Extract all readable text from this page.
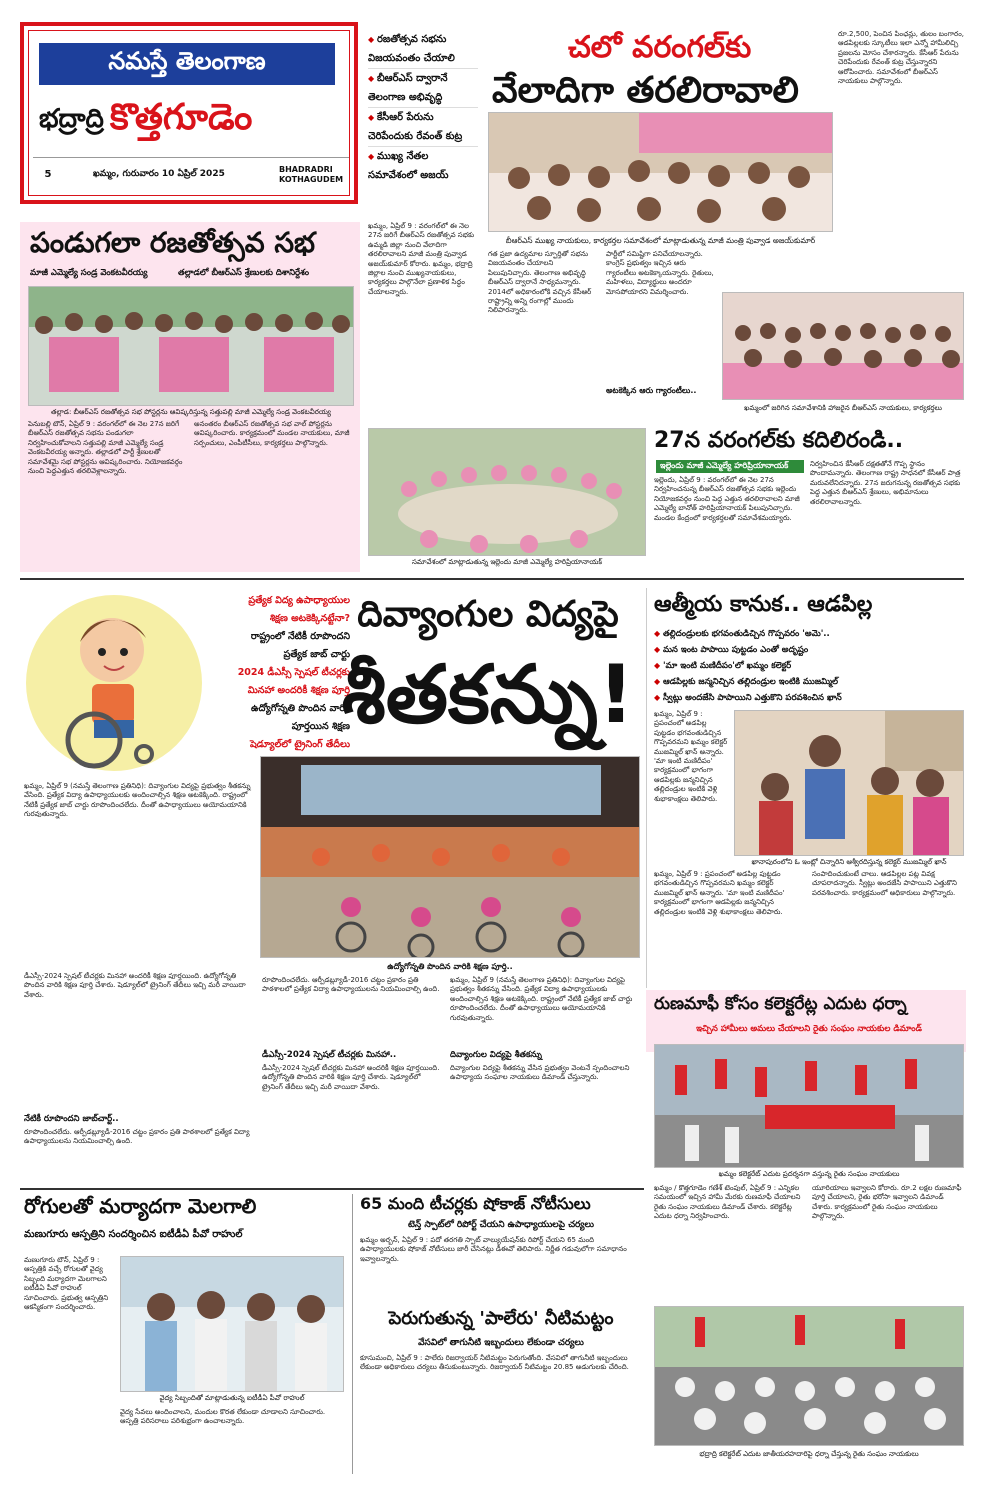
నమస్తే తెలంగాణ
భద్రాద్రి కొత్తగూడెం
5	ఖమ్మం, గురువారం 10 ఏప్రిల్ 2025	BHADRADRI KOTHAGUDEM
◆ రజతోత్సవ సభను విజయవంతం చేయాలి
◆ బీఆర్ఎస్ ద్వారానే తెలంగాణ అభివృద్ధి
◆ కేసీఆర్ పేరును చెరిపేందుకు రేవంత్ కుట్ర
◆ ముఖ్య నేతల సమావేశంలో అజయ్
చలో వరంగల్‌కు
వేలాదిగా తరలిరావాలి
బీఆర్ఎస్ ముఖ్య నాయకులు, కార్యకర్తల సమావేశంలో మాట్లాడుతున్న మాజీ మంత్రి పువ్వాడ అజయ్‌కుమార్
ఖమ్మం, ఏప్రిల్ 9 : వరంగల్‌లో ఈ నెల 27న జరిగే బీఆర్ఎస్ రజతోత్సవ సభకు ఉమ్మడి జిల్లా నుంచి వేలాదిగా తరలిరావాలని మాజీ మంత్రి పువ్వాడ అజయ్‌కుమార్ కోరారు. ఖమ్మం, భద్రాద్రి జిల్లాల నుంచి ముఖ్యనాయకులు, కార్యకర్తలు పాల్గొనేలా ప్రణాళిక సిద్ధం చేయాలన్నారు.
గత ప్రజా ఉద్యమాల స్ఫూర్తితో సభను విజయవంతం చేయాలని పిలుపునిచ్చారు. తెలంగాణ అభివృద్ధి బీఆర్ఎస్ ద్వారానే సాధ్యమన్నారు. 2014లో అధికారంలోకి వచ్చిన కేసీఆర్ రాష్ట్రాన్ని అన్ని రంగాల్లో ముందు నిలిపారన్నారు.
పార్టీలో సమిష్టిగా పనిచేయాలన్నారు. కాంగ్రెస్ ప్రభుత్వం ఇచ్చిన ఆరు గ్యారంటీలు అటకెక్కాయన్నారు. రైతులు, మహిళలు, విద్యార్థులు అందరూ మోసపోయారని విమర్శించారు.
అటకెక్కిన ఆరు గ్యారంటీలు..
రూ.2,500, పెంచిన పింఛన్లు, తులం బంగారం, ఆడపిల్లలకు స్కూటీలు ఇలా ఎన్నో హామీలిచ్చి ప్రజలను మోసం చేశారన్నారు. కేసీఆర్ పేరును చెరిపేందుకు రేవంత్ కుట్ర చేస్తున్నారని ఆరోపించారు. సమావేశంలో బీఆర్ఎస్ నాయకులు పాల్గొన్నారు.
ఖమ్మంలో జరిగిన సమావేశానికి హాజరైన బీఆర్ఎస్ నాయకులు, కార్యకర్తలు
పండుగలా రజతోత్సవ సభ
మాజీ ఎమ్మెల్యే సండ్ర వెంకటవీరయ్య	తల్లాడలో బీఆర్ఎస్ శ్రేణులకు దిశానిర్దేశం
తల్లాడ: బీఆర్ఎస్ రజతోత్సవ సభ పోస్టర్లను ఆవిష్కరిస్తున్న సత్తుపల్లి మాజీ ఎమ్మెల్యే సండ్ర వెంకటవీరయ్య
పెనుబల్లి టౌన్, ఏప్రిల్ 9 : వరంగల్‌లో ఈ నెల 27న జరిగే బీఆర్ఎస్ రజతోత్సవ సభను పండుగలా నిర్వహించుకోవాలని సత్తుపల్లి మాజీ ఎమ్మెల్యే సండ్ర వెంకటవీరయ్య అన్నారు. తల్లాడలో పార్టీ శ్రేణులతో సమావేశమై సభ పోస్టర్లను ఆవిష్కరించారు. నియోజకవర్గం నుంచి పెద్దఎత్తున తరలివెళ్లాలన్నారు.
అనంతరం బీఆర్ఎస్ రజతోత్సవ సభ వాల్ పోస్టర్లను ఆవిష్కరించారు. కార్యక్రమంలో మండల నాయకులు, మాజీ సర్పంచులు, ఎంపీటీసీలు, కార్యకర్తలు పాల్గొన్నారు.
సమావేశంలో మాట్లాడుతున్న ఇల్లెందు మాజీ ఎమ్మెల్యే హరిప్రియానాయక్
27న వరంగల్‌కు కదిలిరండి..
ఇల్లెందు మాజీ ఎమ్మెల్యే హరిప్రియానాయక్
ఇల్లెందు, ఏప్రిల్ 9 : వరంగల్‌లో ఈ నెల 27న నిర్వహించనున్న బీఆర్ఎస్ రజతోత్సవ సభకు ఇల్లెందు నియోజకవర్గం నుంచి పెద్ద ఎత్తున తరలిరావాలని మాజీ ఎమ్మెల్యే బానోత్ హరిప్రియానాయక్ పిలుపునిచ్చారు. మండల కేంద్రంలో కార్యకర్తలతో సమావేశమయ్యారు.
నిర్వహించిన కేసీఆర్ దక్షతతోనే గొప్ప స్థానం పొందామన్నారు. తెలంగాణ రాష్ట్ర సాధనలో కేసీఆర్ పాత్ర మరువలేనిదన్నారు. 27న జరుగనున్న రజతోత్సవ సభకు పెద్ద ఎత్తున బీఆర్ఎస్ శ్రేణులు, అభిమానులు తరలిరావాలన్నారు.
ప్రత్యేక విద్య ఉపాధ్యాయుల
శిక్షణ అటకెక్కినట్టేనా?
రాష్ట్రంలో నేటికీ రూపొందని
ప్రత్యేక జాబ్ చార్టు
2024 డీఎస్సీ స్పెషల్ టీచర్లకు
మినహా అందరికీ శిక్షణ పూర్తి
ఉద్యోగోన్నతి పొందిన వారికీ
పూర్తయిన శిక్షణ
షెడ్యూల్‌లో ట్రైనింగ్ తేదీలు
దివ్యాంగుల విద్యపై
శీతకన్ను!
ఉద్యోగోన్నతి పొందిన వారికి శిక్షణ పూర్తి..
ఖమ్మం, ఏప్రిల్ 9 (నమస్తే తెలంగాణ ప్రతినిధి): దివ్యాంగుల విద్యపై ప్రభుత్వం శీతకన్ను వేసింది. ప్రత్యేక విద్యా ఉపాధ్యాయులకు అందించాల్సిన శిక్షణ అటకెక్కింది. రాష్ట్రంలో నేటికీ ప్రత్యేక జాబ్ చార్టు రూపొందించలేదు. దీంతో ఉపాధ్యాయులు అయోమయానికి గురవుతున్నారు.
నేటికీ రూపొందని జాబ్‌చార్ట్..
రూపొందించలేదు. ఆర్పీడబ్ల్యూడీ-2016 చట్టం ప్రకారం ప్రతి పాఠశాలలో ప్రత్యేక విద్యా ఉపాధ్యాయులను నియమించాల్సి ఉంది.
డీఎస్సీ-2024 స్పెషల్ టీచర్లకు మినహా అందరికీ శిక్షణ పూర్తయింది. ఉద్యోగోన్నతి పొందిన వారికి శిక్షణ పూర్తి చేశారు. షెడ్యూల్‌లో ట్రైనింగ్ తేదీలు ఇచ్చి మరీ వాయిదా వేశారు.
రూపొందించలేదు. ఆర్పీడబ్ల్యూడీ-2016 చట్టం ప్రకారం ప్రతి పాఠశాలలో ప్రత్యేక విద్యా ఉపాధ్యాయులను నియమించాల్సి ఉంది.
డీఎస్సీ-2024 స్పెషల్ టీచర్లకు మినహా..
డీఎస్సీ-2024 స్పెషల్ టీచర్లకు మినహా అందరికీ శిక్షణ పూర్తయింది. ఉద్యోగోన్నతి పొందిన వారికి శిక్షణ పూర్తి చేశారు. షెడ్యూల్‌లో ట్రైనింగ్ తేదీలు ఇచ్చి మరీ వాయిదా వేశారు.
దివ్యాంగుల విద్యపై శీతకన్ను
దివ్యాంగుల విద్యపై శీతకన్ను వేసిన ప్రభుత్వం వెంటనే స్పందించాలని ఉపాధ్యాయ సంఘాల నాయకులు డిమాండ్ చేస్తున్నారు.
ఖమ్మం, ఏప్రిల్ 9 (నమస్తే తెలంగాణ ప్రతినిధి): దివ్యాంగుల విద్యపై ప్రభుత్వం శీతకన్ను వేసింది. ప్రత్యేక విద్యా ఉపాధ్యాయులకు అందించాల్సిన శిక్షణ అటకెక్కింది. రాష్ట్రంలో నేటికీ ప్రత్యేక జాబ్ చార్టు రూపొందించలేదు. దీంతో ఉపాధ్యాయులు అయోమయానికి గురవుతున్నారు.
ఆత్మీయ కానుక.. ఆడపిల్ల
◆ తల్లిదండ్రులకు భగవంతుడిచ్చిన గొప్పవరం 'అమె'..
◆ మన ఇంట పాపాయి పుట్టడం ఎంతో అదృష్టం
◆ 'మా ఇంటి మణిదీపం'లో ఖమ్మం కలెక్టర్
◆ ఆడపిల్లకు జన్మనిచ్చిన తల్లిదండ్రుల ఇంటికి ముజమ్మిల్
◆ స్వీట్లు అందజేసి పాపాయిని ఎత్తుకొని పరవశించిన ఖాన్
ఖమ్మం, ఏప్రిల్ 9 : ప్రపంచంలో అడపిల్ల పుట్టడం భగవంతుడిచ్చిన గొప్పవరమని ఖమ్మం కలెక్టర్ ముజమ్మిల్ ఖాన్ అన్నారు. 'మా ఇంటి మణిదీపం' కార్యక్రమంలో భాగంగా ఆడపిల్లకు జన్మనిచ్చిన తల్లిదండ్రుల ఇంటికి వెళ్లి శుభాకాంక్షలు తెలిపారు.
ఖానాపురంలోని ఓ ఇంట్లో చిన్నారిని ఆశ్వీరదిస్తున్న కలెక్టర్ ముజమ్మిల్ ఖాన్
ఖమ్మం, ఏప్రిల్ 9 : ప్రపంచంలో అడపిల్ల పుట్టడం భగవంతుడిచ్చిన గొప్పవరమని ఖమ్మం కలెక్టర్ ముజమ్మిల్ ఖాన్ అన్నారు. 'మా ఇంటి మణిదీపం' కార్యక్రమంలో భాగంగా ఆడపిల్లకు జన్మనిచ్చిన తల్లిదండ్రుల ఇంటికి వెళ్లి శుభాకాంక్షలు తెలిపారు.
సంపాదించుకుంటే చాలు. ఆడపిల్లల పట్ల వివక్ష చూపరాదన్నారు. స్వీట్లు అందజేసి పాపాయిని ఎత్తుకొని పరవశించారు. కార్యక్రమంలో అధికారులు పాల్గొన్నారు.
రుణమాఫీ కోసం కలెక్టరేట్ల ఎదుట ధర్నా
ఇచ్చిన హామీలు అమలు చేయాలని రైతు సంఘం నాయకుల డిమాండ్
ఖమ్మం కలెక్టరేట్ ఎదుట ప్రదర్శనగా వస్తున్న రైతు సంఘం నాయకులు
ఖమ్మం / కొత్తగూడెం గణేశ్ టెంపుల్, ఏప్రిల్ 9 : ఎన్నికల సమయంలో ఇచ్చిన హామీ మేరకు రుణమాఫీ చేయాలని రైతు సంఘం నాయకులు డిమాండ్ చేశారు. కలెక్టరేట్ల ఎదుట ధర్నా నిర్వహించారు.
యూరియాలు ఇవ్వాలని కోరారు. రూ.2 లక్షల రుణమాఫీ పూర్తి చేయాలని, రైతు భరోసా ఇవ్వాలని డిమాండ్ చేశారు. కార్యక్రమంలో రైతు సంఘం నాయకులు పాల్గొన్నారు.
భద్రాద్రి కలెక్టరేట్ ఎదుట జాతీయరహదారిపై ధర్నా చేస్తున్న రైతు సంఘం నాయకులు
రోగులతో మర్యాదగా మెలగాలి
మణుగూరు ఆస్పత్రిని సందర్శించిన ఐటీడీఏ పీవో రాహుల్
మణుగూరు టౌన్, ఏప్రిల్ 9 : ఆస్పత్రికి వచ్చే రోగులతో వైద్య సిబ్బంది మర్యాదగా మెలగాలని ఐటీడీఏ పీవో రాహుల్ సూచించారు. ప్రభుత్వ ఆస్పత్రిని ఆకస్మికంగా సందర్శించారు.
వైద్య సిబ్బందితో మాట్లాడుతున్న ఐటీడీఏ పీవో రాహుల్
వైద్య సేవలు అందించాలని, మందుల కొరత లేకుండా చూడాలని సూచించారు. ఆస్పత్రి పరిసరాలు పరిశుభ్రంగా ఉంచాలన్నారు.
65 మంది టీచర్లకు షోకాజ్ నోటీసులు
టెన్త్ స్పాట్‌లో రిపోర్ట్ చేయని ఉపాధ్యాయులపై చర్యలు
ఖమ్మం అర్బన్, ఏప్రిల్ 9 : పదో తరగతి స్పాట్ వాల్యుయేషన్‌కు రిపోర్ట్ చేయని 65 మంది ఉపాధ్యాయులకు షోకాజ్ నోటీసులు జారీ చేసినట్లు డీఈవో తెలిపారు. నిర్ణీత గడువులోగా సమాధానం ఇవ్వాలన్నారు.
పెరుగుతున్న 'పాలేరు' నీటిమట్టం
వేసవిలో తాగునీటి ఇబ్బందులు లేకుండా చర్యలు
కూసుమంచి, ఏప్రిల్ 9 : పాలేరు రిజర్వాయర్ నీటిమట్టం పెరుగుతోంది. వేసవిలో తాగునీటి ఇబ్బందులు లేకుండా అధికారులు చర్యలు తీసుకుంటున్నారు. రిజర్వాయర్ నీటిమట్టం 20.85 అడుగులకు చేరింది.
